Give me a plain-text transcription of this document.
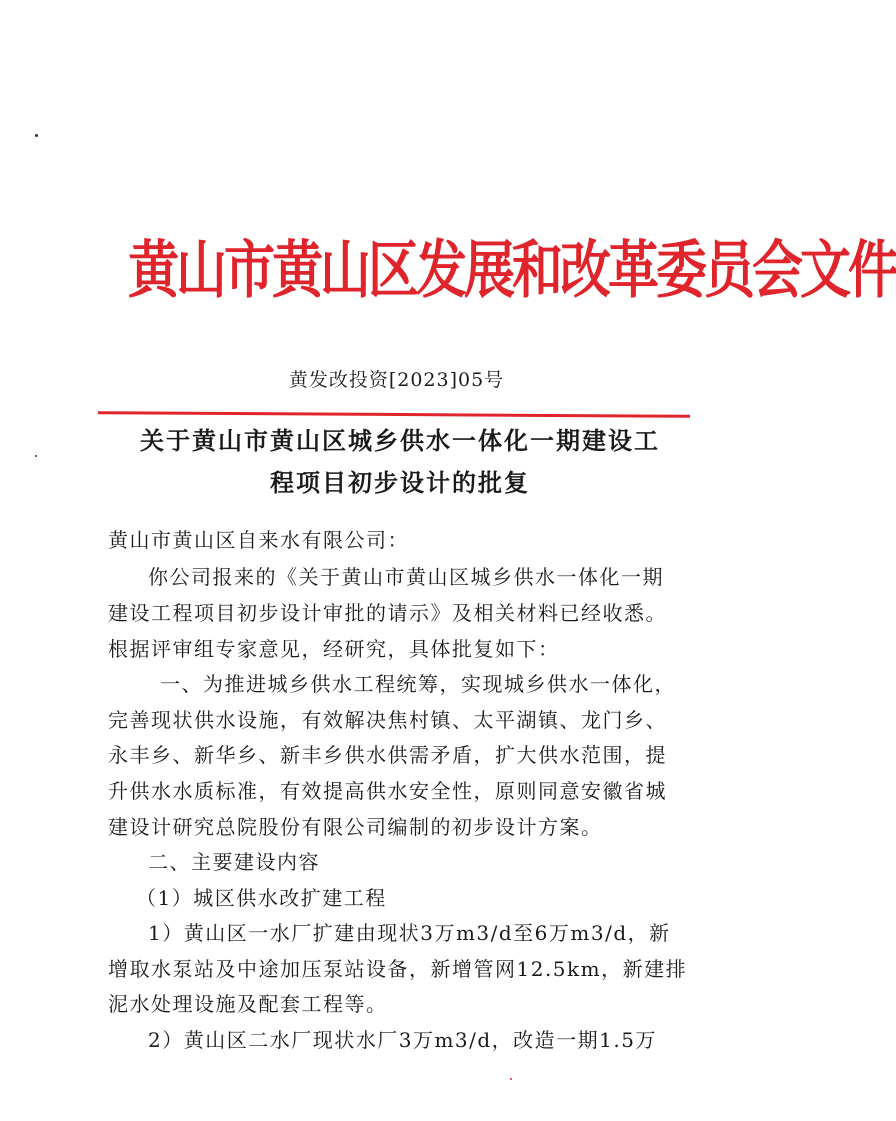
黄山市黄山区发展和改革委员会文件
黄发改投资[2023]05号
关于黄山市黄山区城乡供水一体化一期建设工
程项目初步设计的批复
黄山市黄山区自来水有限公司：
你公司报来的《关于黄山市黄山区城乡供水一体化一期
建设工程项目初步设计审批的请示》及相关材料已经收悉。
根据评审组专家意见，经研究，具体批复如下：
一、为推进城乡供水工程统筹，实现城乡供水一体化，
完善现状供水设施，有效解决焦村镇、太平湖镇、龙门乡、
永丰乡、新华乡、新丰乡供水供需矛盾，扩大供水范围，提
升供水水质标准，有效提高供水安全性，原则同意安徽省城
建设计研究总院股份有限公司编制的初步设计方案。
二、主要建设内容
（1）城区供水改扩建工程
1）黄山区一水厂扩建由现状3万m3/d至6万m3/d，新
增取水泵站及中途加压泵站设备，新增管网12.5km，新建排
泥水处理设施及配套工程等。
2）黄山区二水厂现状水厂3万m3/d，改造一期1.5万
